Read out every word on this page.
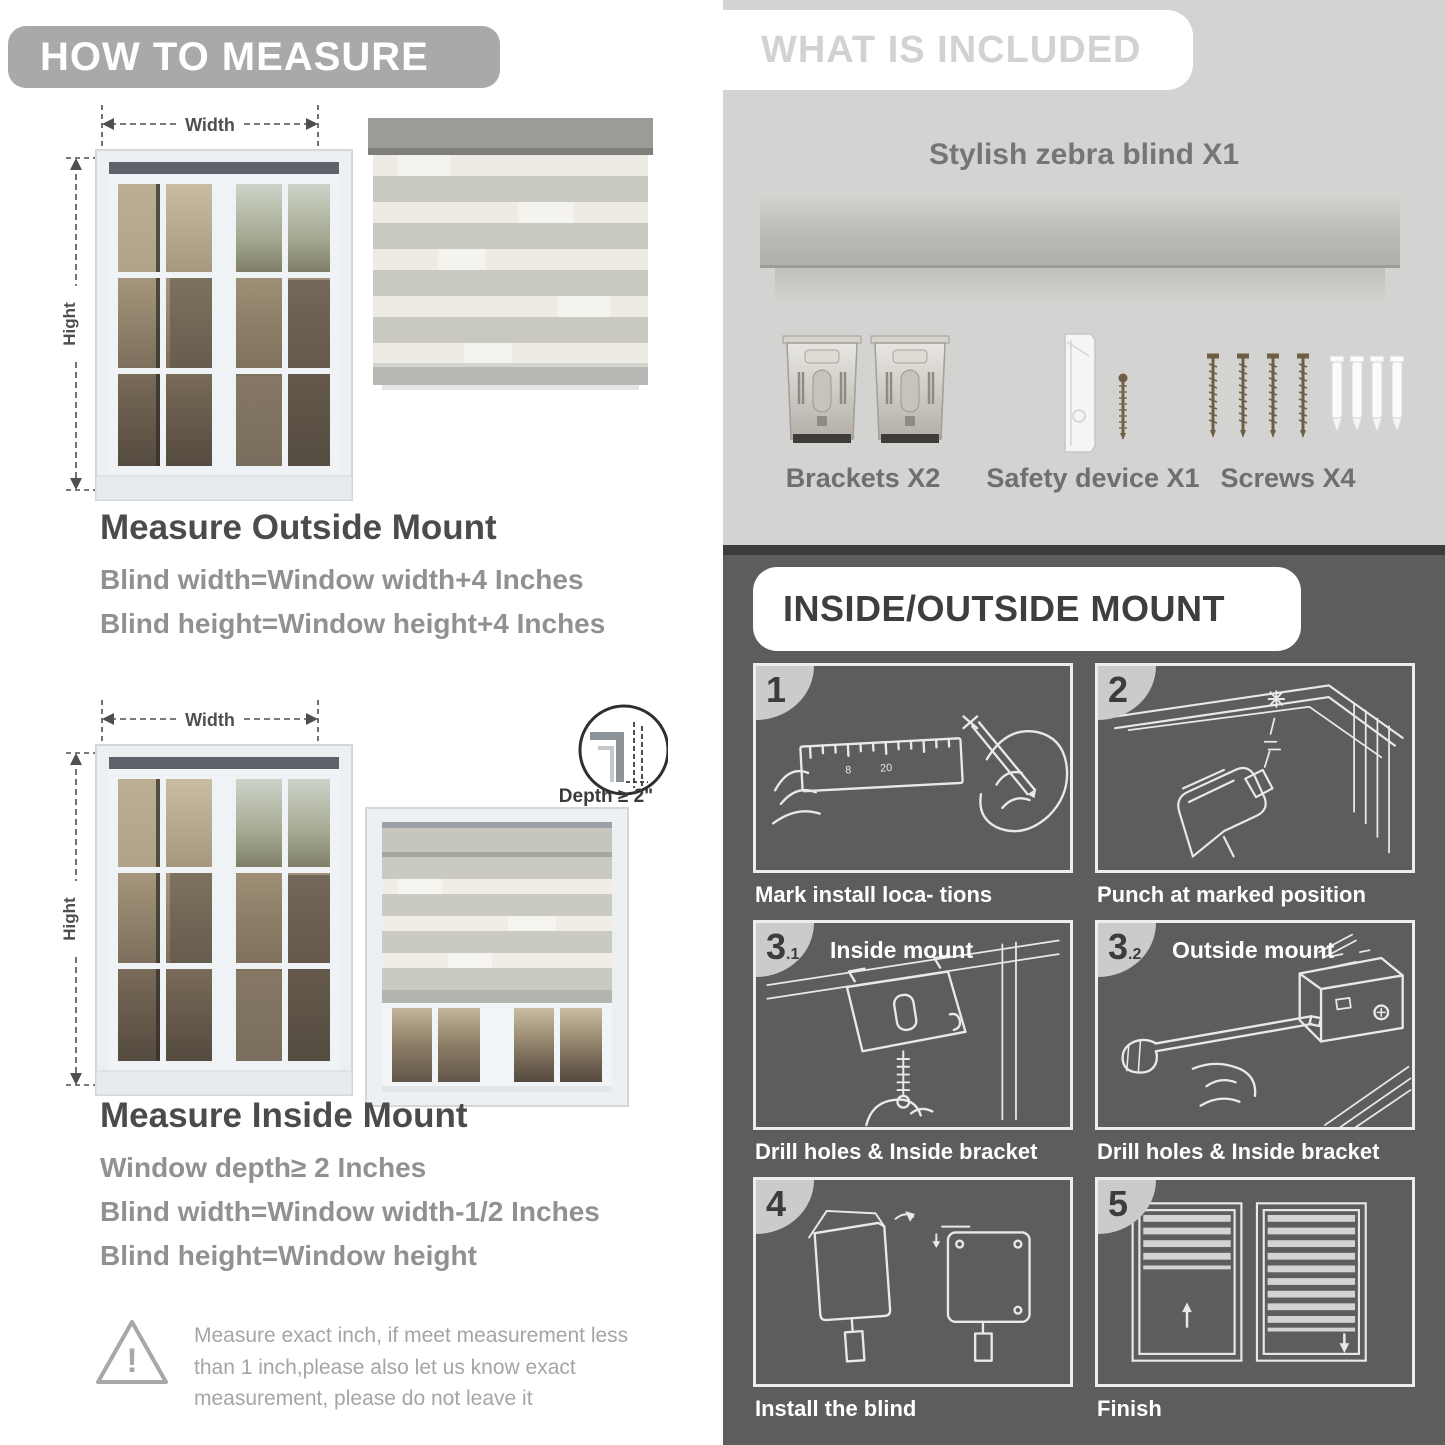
HOW TO MEASURE
Width
Hight
Measure Outside Mount
Blind width=Window width+4 Inches
Blind height=Window height+4 Inches
Width
Hight
Depth ≥ 2"
Measure Inside Mount
Window depth≥ 2 Inches
Blind width=Window width-1/2 Inches
Blind height=Window height
!
Measure exact inch, if meet measurement less than 1 inch,please also let us know exact measurement, please do not leave it
WHAT IS INCLUDED
Stylish zebra blind X1
Brackets X2	Safety device X1 Screws X4
INSIDE/OUTSIDE MOUNT
8	20
1
Mark install loca- tions
2
Punch at marked position
3.1	Inside mount
Drill holes & Inside bracket
3.2	Outside mount
Drill holes & Inside bracket
4
Install the blind
5
Finish
